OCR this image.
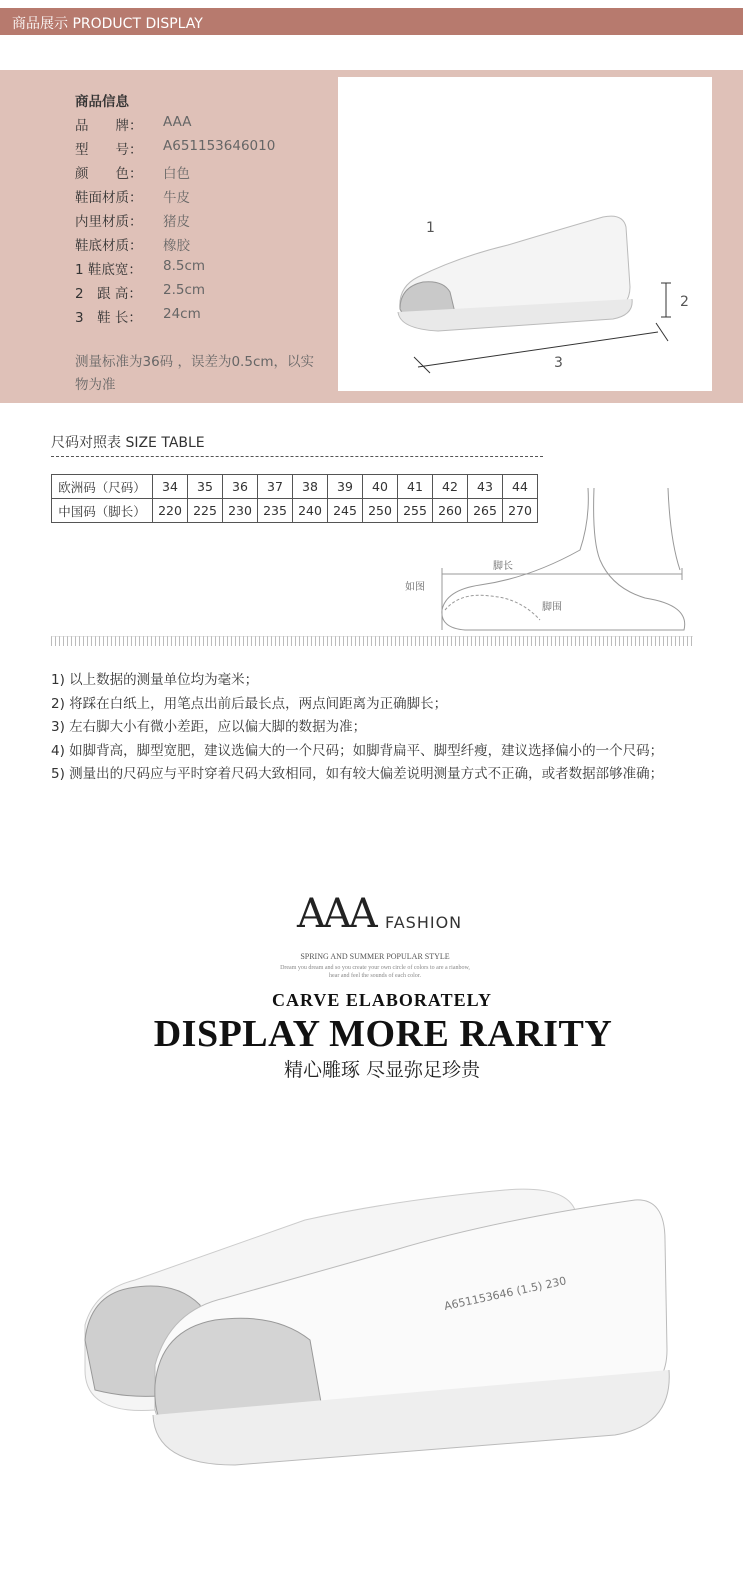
商品展示 PRODUCT DISPLAY
商品信息
品　　牌： AAA
型　　号： A651153646010
颜　　色： 白色
鞋面材质： 牛皮
内里材质： 猪皮
鞋底材质： 橡胶
1 鞋底宽： 8.5cm
2　跟 高： 2.5cm
3　鞋 长： 24cm
测量标准为36码 ，误差为0.5cm，以实物为准
1
2
3
尺码对照表 SIZE TABLE
欧洲码（尺码）	34	35	36	37	38	39	40	41	42	43	44
中国码（脚长）	220	225	230	235	240	245	250	255	260	265	270
脚长
脚围
如图
1) 以上数据的测量单位均为毫米；
2) 将踩在白纸上，用笔点出前后最长点，两点间距离为正确脚长；
3) 左右脚大小有微小差距，应以偏大脚的数据为准；
4) 如脚背高，脚型宽肥，建议选偏大的一个尺码；如脚背扁平、脚型纤瘦，建议选择偏小的一个尺码；
5) 测量出的尺码应与平时穿着尺码大致相同，如有较大偏差说明测量方式不正确，或者数据部够准确；
AAA FASHION
SPRING AND SUMMER POPULAR STYLE
Dream you dream and so you create your own circle of colors to are a rianbow,
hear and feel the sounds of each color.
CARVE ELABORATELY
DISPLAY MORE RARITY
精心雕琢 尽显弥足珍贵
A651153646 (1.5) 230
